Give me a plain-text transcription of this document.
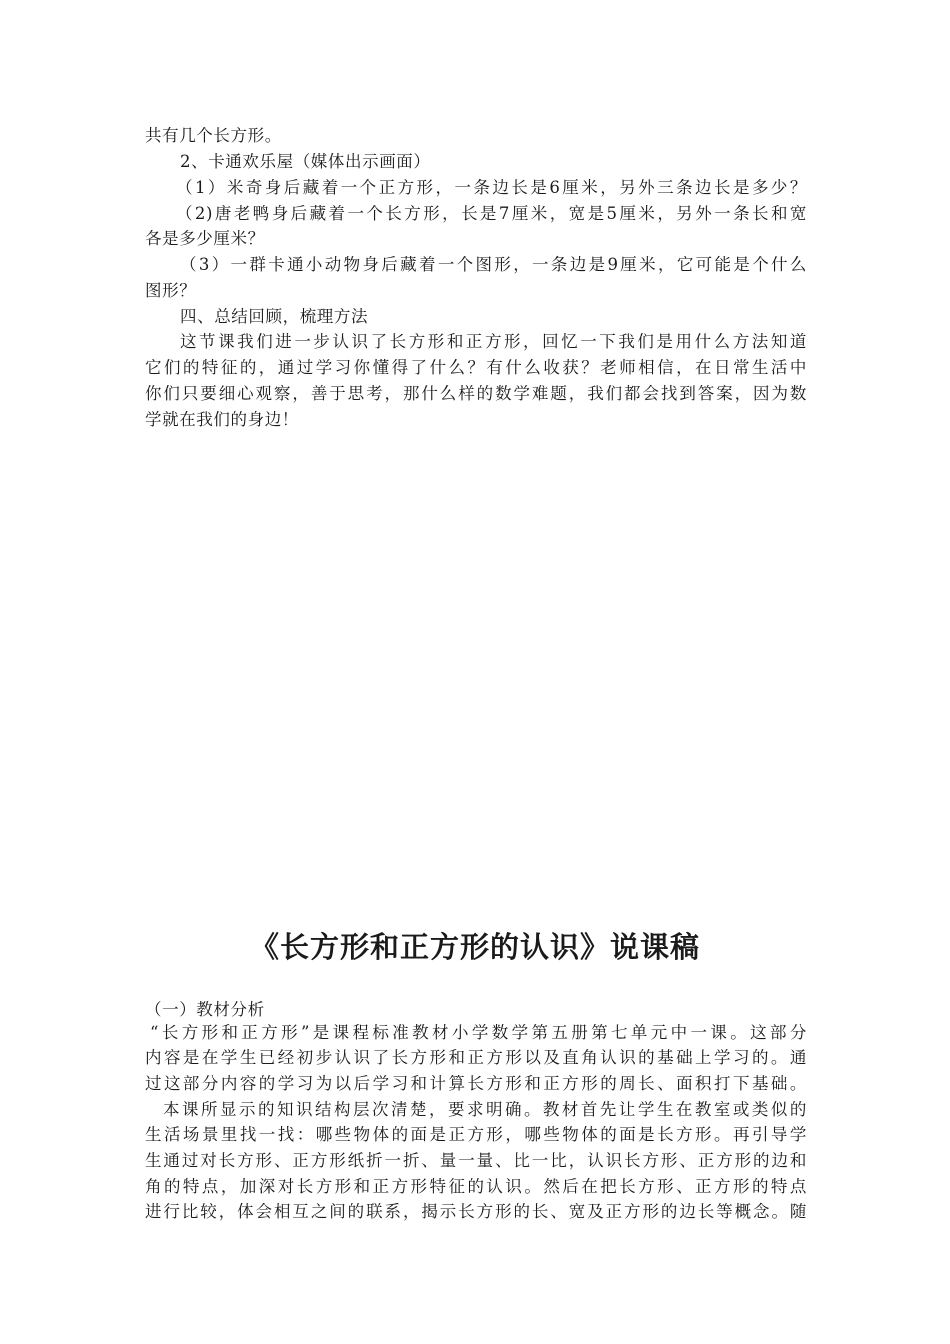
共有几个长方形。
2、卡通欢乐屋（媒体出示画面）
（1）米奇身后藏着一个正方形，一条边长是6厘米，另外三条边长是多少？
（2)唐老鸭身后藏着一个长方形，长是7厘米，宽是5厘米，另外一条长和宽
各是多少厘米？
（3）一群卡通小动物身后藏着一个图形，一条边是9厘米，它可能是个什么
图形？
四、总结回顾，梳理方法
这节课我们进一步认识了长方形和正方形，回忆一下我们是用什么方法知道
它们的特征的，通过学习你懂得了什么？有什么收获？老师相信，在日常生活中
你们只要细心观察，善于思考，那什么样的数学难题，我们都会找到答案，因为数
学就在我们的身边！
《长方形和正方形的认识》说课稿
（一）教材分析
“长方形和正方形”是课程标准教材小学数学第五册第七单元中一课。这部分
内容是在学生已经初步认识了长方形和正方形以及直角认识的基础上学习的。通
过这部分内容的学习为以后学习和计算长方形和正方形的周长、面积打下基础。
本课所显示的知识结构层次清楚，要求明确。教材首先让学生在教室或类似的
生活场景里找一找：哪些物体的面是正方形，哪些物体的面是长方形。再引导学
生通过对长方形、正方形纸折一折、量一量、比一比，认识长方形、正方形的边和
角的特点，加深对长方形和正方形特征的认识。然后在把长方形、正方形的特点
进行比较，体会相互之间的联系，揭示长方形的长、宽及正方形的边长等概念。随
